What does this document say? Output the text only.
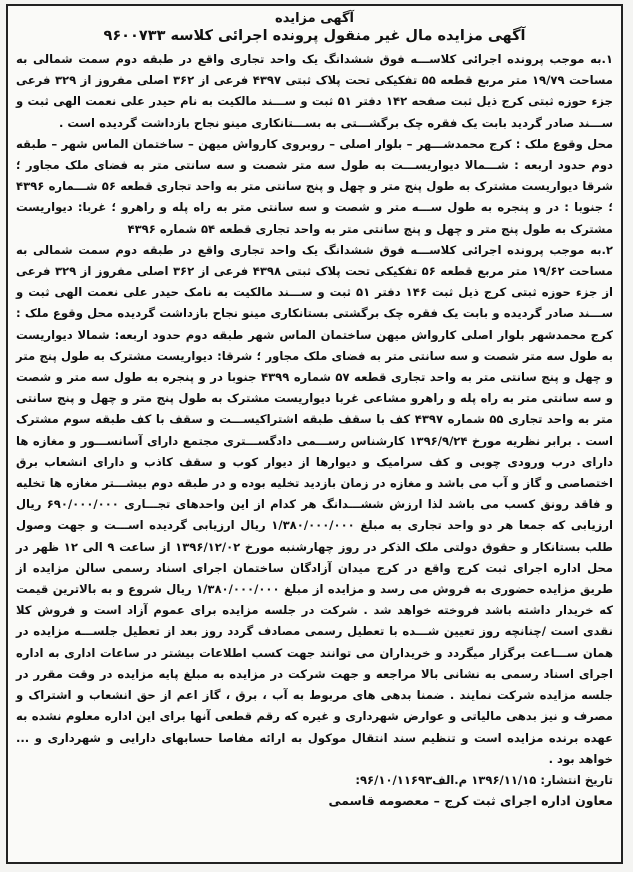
آگهی مزایده

آگهی مزایده مال غیر منقول پرونده اجرائی کلاسه ۹۶۰۰۷۳۳

۱.به موجب پرونده اجرائی کلاســـه فوق ششدانگ یک واحد تجاری واقع در طبقه دوم سمت شمالی به مساحت ۱۹/۷۹ متر مربع قطعه ۵۵ تفکیکی تحت پلاک ثبتی ۴۳۹۷ فرعی از ۳۶۲ اصلی مفروز از ۳۲۹ فرعی جزء حوزه ثبتی کرج ذیل ثبت صفحه ۱۴۲ دفتر ۵۱ ثبت و ســـند مالکیت به نام حیدر علی نعمت الهی ثبت و ســـند صادر گردید بابت یک فقره چک برگشـــتی به بســـتانکاری مینو نجاح بازداشت گردیده است .

محل وقوع ملک : کرج محمدشـــهر – بلوار اصلی – روبروی کارواش میهن – ساختمان الماس شهر – طبقه دوم حدود اربعه : شـــمالا دیواریســـت به طول سه متر شصت و سه سانتی متر به فضای ملک مجاور ؛ شرقا دیواریست مشترک به طول پنج متر و چهل و پنج سانتی متر به واحد تجاری قطعه ۵۶ شـــماره ۴۳۹۶ ؛ جنوبا : در و پنجره به طول ســـه متر و شصت و سه سانتی متر به راه پله و راهرو ؛ غربا: دیواریست مشترک به طول پنج متر و چهل و پنج سانتی متر به واحد تجاری قطعه ۵۴ شماره ۴۳۹۶

۲.به موجب پرونده اجرائی کلاســـه فوق ششدانگ یک واحد تجاری واقع در طبقه دوم سمت شمالی به مساحت ۱۹/۶۲ متر مربع قطعه ۵۶ تفکیکی تحت پلاک ثبتی ۴۳۹۸ فرعی از ۳۶۲ اصلی مفروز از ۳۲۹ فرعی از جزء حوزه ثبتی کرج ذیل ثبت ۱۴۶ دفتر ۵۱ ثبت و ســـند مالکیت به نامک حیدر علی نعمت الهی ثبت و ســـند صادر گردیده و بابت یک فقره چک برگشتی بستانکاری مینو نجاح بازداشت گردیده محل وقوع ملک : کرج محمدشهر بلوار اصلی کارواش میهن ساختمان الماس شهر طبقه دوم حدود اربعه: شمالا دیواریست به طول سه متر شصت و سه سانتی متر به فضای ملک مجاور ؛ شرقا: دیواریست مشترک به طول پنج متر و چهل و پنج سانتی متر به واحد تجاری قطعه ۵۷ شماره ۴۳۹۹ جنوبا در و پنجره به طول سه متر و شصت و سه سانتی متر به راه پله و راهرو مشاعی غربا دیواریست مشترک به طول پنج متر و چهل و پنج سانتی متر به واحد تجاری ۵۵ شماره ۴۳۹۷ کف با سقف طبقه اشتراکیســـت و سقف با کف طبقه سوم مشترک است . برابر نظریه مورخ ۱۳۹۶/۹/۲۴ کارشناس رســـمی دادگســـتری مجتمع دارای آسانســـور و مغازه ها دارای درب ورودی چوبی و کف سرامیک و دیوارها از دیوار کوب و سقف کاذب و دارای انشعاب برق اختصاصی و گاز و آب می باشد و مغازه در زمان بازدید تخلیه بوده و در طبقه دوم بیشـــتر مغازه ها تخلیه و فاقد رونق کسب می باشد لذا ارزش ششـــدانگ هر کدام از این واحدهای تجـــاری ۶۹۰/۰۰۰/۰۰۰ ریال ارزیابی که جمعا هر دو واحد تجاری به مبلغ ۱/۳۸۰/۰۰۰/۰۰۰ ریال ارزیابی گردیده اســـت و جهت وصول طلب بستانکار و حقوق دولتی ملک الذکر در روز چهارشنبه مورخ ۱۳۹۶/۱۲/۰۲ از ساعت ۹ الی ۱۲ ظهر در محل اداره اجرای ثبت کرج واقع در کرج میدان آزادگان ساختمان اجرای اسناد رسمی سالن مزایده از طریق مزایده حضوری به فروش می رسد و مزایده از مبلغ ۱/۳۸۰/۰۰۰/۰۰۰ ریال شروع و به بالاترین قیمت که خریدار داشته باشد فروخته خواهد شد . شرکت در جلسه مزایده برای عموم آزاد است و فروش کلا نقدی است /چنانچه روز تعیین شـــده با تعطیل رسمی مصادف گردد روز بعد از تعطیل جلســـه مزایده در همان ســـاعت برگزار میگردد و خریداران می توانند جهت کسب اطلاعات بیشتر در ساعات اداری به اداره اجرای اسناد رسمی به نشانی بالا مراجعه و جهت شرکت در مزایده به مبلغ پایه مزایده در وقت مقرر در جلسه مزایده شرکت نمایند . ضمنا بدهی های مربوط به آب ، برق ، گاز اعم از حق انشعاب و اشتراک و مصرف و نیز بدهی مالیاتی و عوارض شهرداری و غیره که رقم قطعی آنها برای این اداره معلوم نشده به عهده برنده مزایده است و تنظیم سند انتقال موکول به ارائه مفاصا حسابهای دارایی و شهرداری و ... خواهد بود .

تاریخ انتشار: ۱۳۹۶/۱۱/۱۵ م.الف۹۶/۱۰/۱۱۶۹۳:

معاون اداره اجرای ثبت کرج – معصومه قاسمی
